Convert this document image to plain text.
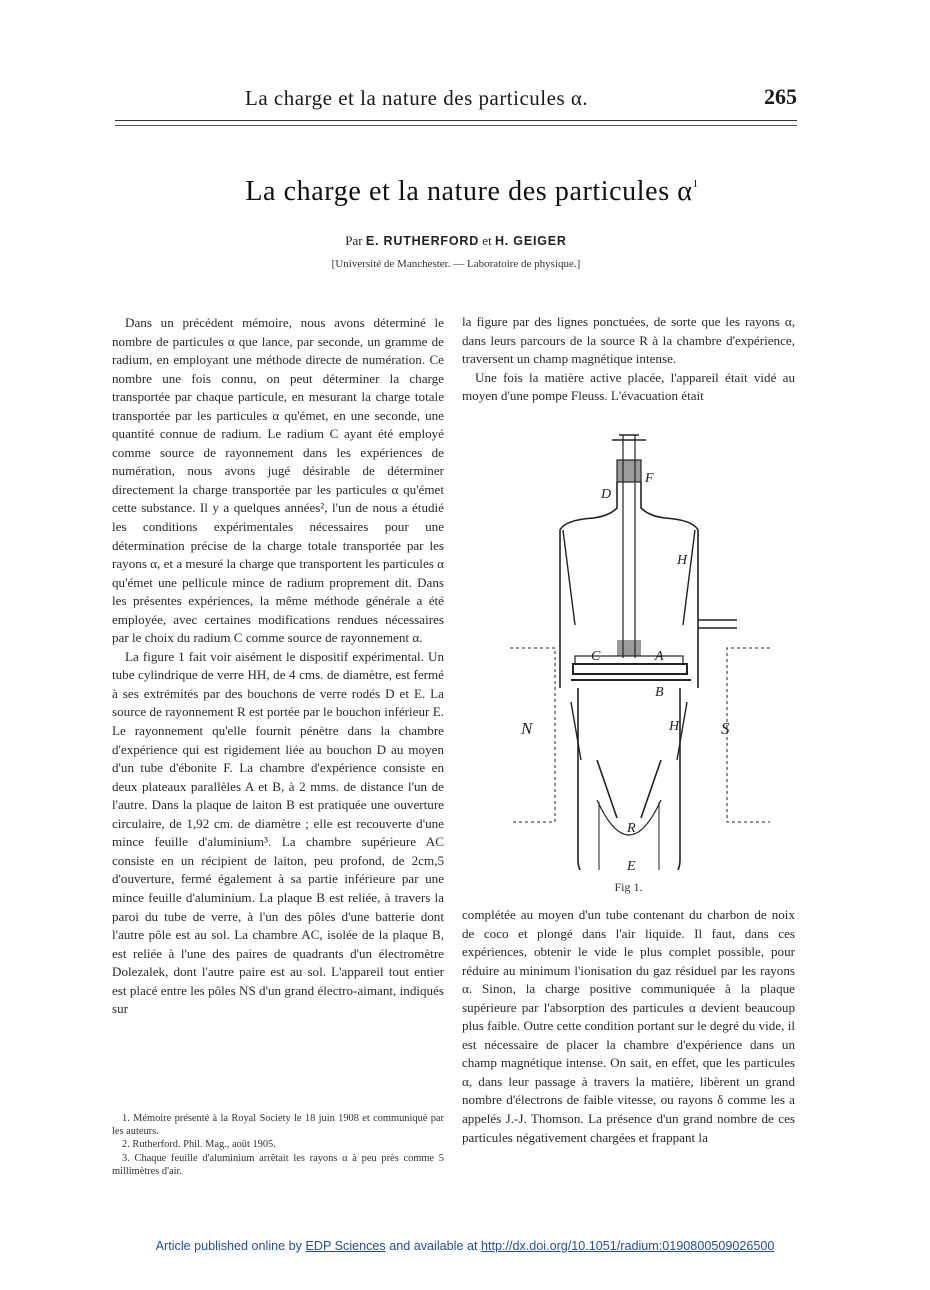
La charge et la nature des particules α.	265
La charge et la nature des particules $\alpha^1$
Par E. RUTHERFORD et H. GEIGER
[Université de Manchester. — Laboratoire de physique.]

Dans un précédent mémoire, nous avons déterminé le nombre de particules α que lance, par seconde, un gramme de radium, en employant une méthode directe de numération. Ce nombre une fois connu, on peut déterminer la charge transportée par chaque particule, en mesurant la charge totale transportée par les particules α qu'émet, en une seconde, une quantité connue de radium. Le radium C ayant été employé comme source de rayonnement dans les expériences de numération, nous avons jugé désirable de déterminer directement la charge transportée par les particules α qu'émet cette substance. Il y a quelques années², l'un de nous a étudié les conditions expérimentales nécessaires pour une détermination précise de la charge totale transportée par les rayons α, et a mesuré la charge que transportent les particules α qu'émet une pellicule mince de radium proprement dit. Dans les présentes expériences, la même méthode générale a été employée, avec certaines modifications rendues nécessaires par le choix du radium C comme source de rayonnement α.

La figure 1 fait voir aisément le dispositif expérimental. Un tube cylindrique de verre HH, de 4 cms. de diamètre, est fermé à ses extrémités par des bouchons de verre rodés D et E. La source de rayonnement R est portée par le bouchon inférieur E. Le rayonnement qu'elle fournit pénètre dans la chambre d'expérience qui est rigidement liée au bouchon D au moyen d'un tube d'ébonite F. La chambre d'expérience consiste en deux plateaux parallèles A et B, à 2 mms. de distance l'un de l'autre. Dans la plaque de laiton B est pratiquée une ouverture circulaire, de 1,92 cm. de diamètre ; elle est recouverte d'une mince feuille d'aluminium³. La chambre supérieure AC consiste en un récipient de laiton, peu profond, de 2cm,5 d'ouverture, fermé également à sa partie inférieure par une mince feuille d'aluminium. La plaque B est reliée, à travers la paroi du tube de verre, à l'un des pôles d'une batterie dont l'autre pôle est au sol. La chambre AC, isolée de la plaque B, est reliée à l'une des paires de quadrants d'un électromètre Dolezalek, dont l'autre paire est au sol. L'appareil tout entier est placé entre les pôles NS d'un grand électro-aimant, indiqués sur

1. Mémoire présenté à la Royal Society le 18 juin 1908 et communiqué par les auteurs.

2. Rutherford. Phil. Mag., août 1905.

3. Chaque feuille d'aluminium arrêtait les rayons α à peu près comme 5 millimètres d'air.

la figure par des lignes ponctuées, de sorte que les rayons α, dans leurs parcours de la source R à la chambre d'expérience, traversent un champ magnétique intense.

Une fois la matière active placée, l'appareil était vidé au moyen d'une pompe Fleuss. L'évacuation était

F
D
H
C	A
B
N	S
H
R
E
Fig 1.

complétée au moyen d'un tube contenant du charbon de noix de coco et plongé dans l'air liquide. Il faut, dans ces expériences, obtenir le vide le plus complet possible, pour réduire au minimum l'ionisation du gaz résiduel par les rayons α. Sinon, la charge positive communiquée à la plaque supérieure par l'absorption des particules α devient beaucoup plus faible. Outre cette condition portant sur le degré du vide, il est nécessaire de placer la chambre d'expérience dans un champ magnétique intense. On sait, en effet, que les particules α, dans leur passage à travers la matière, libèrent un grand nombre d'électrons de faible vitesse, ou rayons δ comme les a appelés J.-J. Thomson. La présence d'un grand nombre de ces particules négativement chargées et frappant la

Article published online by EDP Sciences and available at http://dx.doi.org/10.1051/radium:0190800509026500
